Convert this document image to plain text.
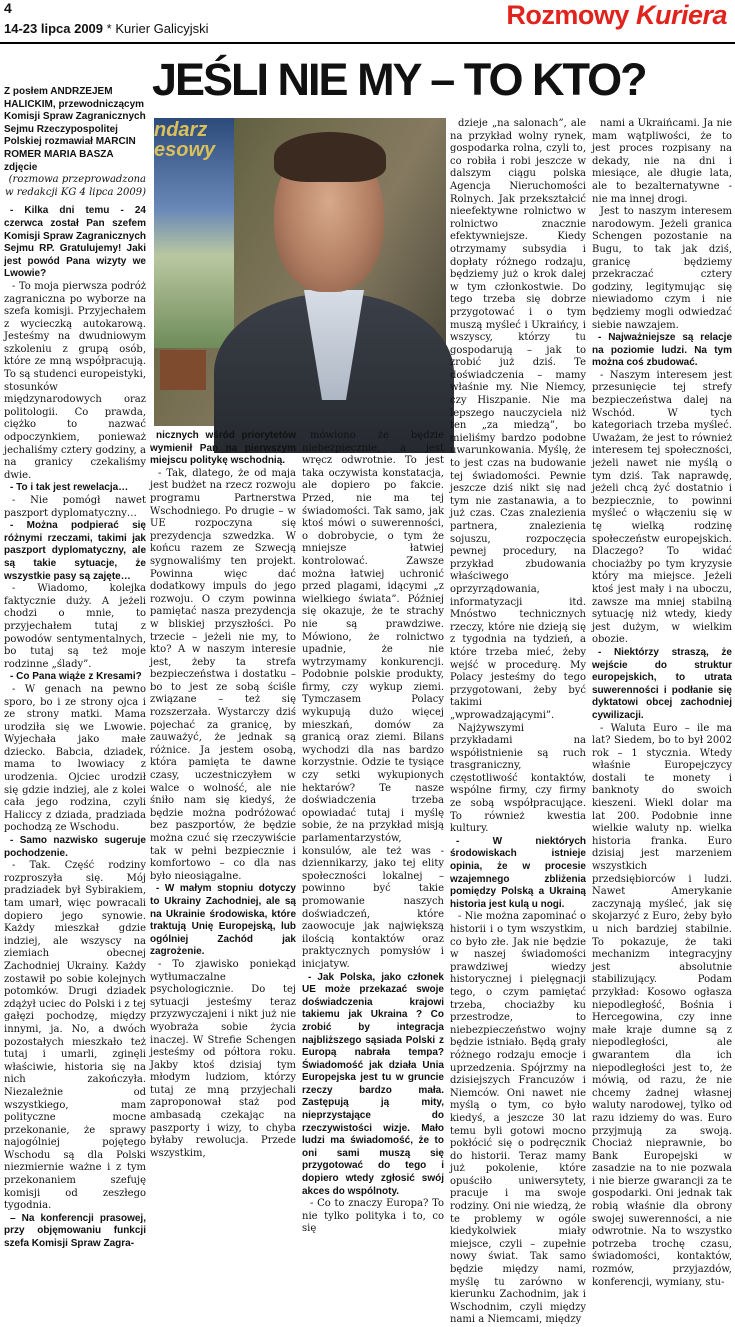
4
14-23 lipca 2009 * Kurier Galicyjski	Rozmowy Kuriera
JEŚLI NIE MY – TO KTO?
ndarz
esowy

Z posłem ANDRZEJEM HALICKIM, przewodniczącym Komisji Spraw Zagranicznych Sejmu Rzeczypospolitej Polskiej rozmawiał MARCIN ROMER MARIA BASZA zdjęcie

(rozmowa przeprowadzona w redakcji KG 4 lipca 2009)

- Kilka dni temu - 24 czerwca został Pan szefem Komisji Spraw Zagranicznych Sejmu RP. Gratulujemy! Jaki jest powód Pana wizyty we Lwowie?

- To moja pierwsza podróż zagraniczna po wyborze na szefa komisji. Przyjechałem z wycieczką autokarową. Jesteśmy na dwudniowym szkoleniu z grupą osób, które ze mną współpracują. To są studenci europeistyki, stosunków międzynarodowych oraz politologii. Co prawda, ciężko to nazwać odpoczynkiem, ponieważ jechaliśmy cztery godziny, a na granicy czekaliśmy dwie.

- To i tak jest rewelacja…

- Nie pomógł nawet paszport dyplomatyczny…

- Można podpierać się różnymi rzeczami, takimi jak paszport dyplomatyczny, ale są takie sytuacje, że wszystkie pasy są zajęte…

- Wiadomo, kolejka faktycznie duży. A jeżeli chodzi o mnie, to przyjechałem tutaj z powodów sentymentalnych, bo tutaj są też moje rodzinne „ślady”.

- Co Pana wiąże z Kresami?

- W genach na pewno sporo, bo i ze strony ojca i ze strony matki. Mama urodziła się we Lwowie. Wyjechała jako małe dziecko. Babcia, dziadek, mama to lwowiacy z urodzenia. Ojciec urodził się gdzie indziej, ale z kolei cała jego rodzina, czyli Haliccy z dziada, pradziada pochodzą ze Wschodu.

- Samo nazwisko sugeruje pochodzenie.

- Tak. Część rodziny rozproszyła się. Mój pradziadek był Sybirakiem, tam umarł, więc powracali dopiero jego synowie. Każdy mieszkał gdzie indziej, ale wszyscy na ziemiach obecnej Zachodniej Ukrainy. Każdy zostawił po sobie kolejnych potomków. Drugi dziadek zdążył uciec do Polski i z tej gałęzi pochodzę, między innymi, ja. No, a dwóch pozostałych mieszkało też tutaj i umarli, zginęli właściwie, historia się na nich zakończyła. Niezależnie od wszystkiego, mam polityczne mocne przekonanie, że sprawy najogólniej pojętego Wschodu są dla Polski niezmiernie ważne i z tym przekonaniem szefuję komisji od zeszłego tygodnia.

– Na konferencji prasowej, przy objęmowaniu funkcji szefa Komisji Spraw Zagra-

nicznych wśród priorytetów wymienił Pan na pierwszym miejscu politykę wschodnią.

- Tak, dlatego, że od maja jest budżet na rzecz rozwoju programu Partnerstwa Wschodniego. Po drugie – w UE rozpoczyna się prezydencja szwedzka. W końcu razem ze Szwecją sygnowaliśmy ten projekt. Powinna więc dać dodatkowy impuls do jego rozwoju. O czym powinna pamiętać nasza prezydencja w bliskiej przyszłości. Po trzecie – jeżeli nie my, to kto? A w naszym interesie jest, żeby ta strefa bezpieczeństwa i dostatku – bo to jest ze sobą ściśle związane – też się rozszerzała. Wystarczy dziś pojechać za granicę, by zauważyć, że jednak są różnice. Ja jestem osobą, która pamięta te dawne czasy, uczestniczyłem w walce o wolność, ale nie śniło nam się kiedyś, że będzie można podróżować bez paszportów, że będzie można czuć się rzeczywiście tak w pełni bezpiecznie i komfortowo – co dla nas było nieosiągalne.

- W małym stopniu dotyczy to Ukrainy Zachodniej, ale są na Ukrainie środowiska, które traktują Unię Europejską, lub ogólniej Zachód jak zagrożenie.

- To zjawisko poniekąd wytłumaczalne psychologicznie. Do tej sytuacji jesteśmy teraz przyzwyczajeni i nikt już nie wyobraża sobie życia inaczej. W Strefie Schengen jesteśmy od półtora roku. Jakby ktoś dzisiaj tym młodym ludziom, którzy tutaj ze mną przyjechali zaproponował staż pod ambasadą czekając na paszporty i wizy, to chyba byłaby rewolucja. Przede wszystkim,

mówiono że będzie niebezpiecznie, a jest wręcz odwrotnie. To jest taka oczywista konstatacja, ale dopiero po fakcie. Przed, nie ma tej świadomości. Tak samo, jak ktoś mówi o suwerenności, o dobrobycie, o tym że mniejsze łatwiej kontrolować. Zawsze można łatwiej uchronić przed plagami, idącymi „z wielkiego świata”. Później się okazuje, że te strachy nie są prawdziwe. Mówiono, że rolnictwo upadnie, że nie wytrzymamy konkurencji. Podobnie polskie produkty, firmy, czy wykup ziemi. Tymczasem Polacy wykupują dużo więcej mieszkań, domów za granicą oraz ziemi. Bilans wychodzi dla nas bardzo korzystnie. Odzie te tysiące czy setki wykupionych hektarów? Te nasze doświadczenia trzeba opowiadać tutaj i myślę sobie, że na przykład misją parlamentarzystów, konsulów, ale też was - dziennikarzy, jako tej elity społeczności lokalnej – powinno być takie promowanie naszych doświadczeń, które zaowocuje jak największą ilością kontaktów oraz praktycznych pomysłów i inicjatyw.

- Jak Polska, jako członek UE może przekazać swoje doświadczenia krajowi takiemu jak Ukraina ? Co zrobić by integracja najbliższego sąsiada Polski z Europą nabrała tempa? Świadomość jak działa Unia Europejska jest tu w gruncie rzeczy bardzo mała. Zastępują ją mity, nieprzystające do rzeczywistości wizje. Mało ludzi ma świadomość, że to oni sami muszą się przygotować do tego i dopiero wtedy zgłosić swój akces do wspólnoty.

- Co to znaczy Europa? To nie tylko polityka i to, co się

dzieje „na salonach”, ale na przykład wolny rynek, gospodarka rolna, czyli to, co robiła i robi jeszcze w dalszym ciągu polska Agencja Nieruchomości Rolnych. Jak przekształcić nieefektywne rolnictwo w rolnictwo znacznie efektywniejsze. Kiedy otrzymamy subsydia i dopłaty różnego rodzaju, będziemy już o krok dalej w tym członkostwie. Do tego trzeba się dobrze przygotować i o tym muszą myśleć i Ukraińcy, i wszyscy, którzy tu gospodarują – jak to zrobić już dziś. Te doświadczenia – mamy właśnie my. Nie Niemcy, czy Hiszpanie. Nie ma lepszego nauczyciela niż ten „za miedzą”, bo mieliśmy bardzo podobne uwarunkowania. Myślę, że to jest czas na budowanie tej świadomości. Pewnie jeszcze dziś nikt się nad tym nie zastanawia, a to już czas. Czas znalezienia partnera, znalezienia sojuszu, rozpoczęcia pewnej procedury, na przykład zbudowania właściwego oprzyrządowania, informatyzacji itd. Mnóstwo technicznych rzeczy, które nie dzieją się z tygodnia na tydzień, a które trzeba mieć, żeby wejść w procedurę. My Polacy jesteśmy do tego przygotowani, żeby być takimi „wprowadzającymi”.

Najżywszymi przykładami na współistnienie są ruch trasgraniczny, częstotliwość kontaktów, wspólne firmy, czy firmy ze sobą współpracujące. To również kwestia kultury.

- W niektórych środowiskach istnieje opinia, że w procesie wzajemnego zbliżenia pomiędzy Polską a Ukrainą historia jest kulą u nogi.

- Nie można zapominać o historii i o tym wszystkim, co było złe. Jak nie będzie w naszej świadomości prawdziwej wiedzy historycznej i pielęgnacji tego, o czym pamiętać trzeba, chociażby ku przestrodze, to niebezpieczeństwo wojny będzie istniało. Będą grały różnego rodzaju emocje i uprzedzenia. Spójrzmy na dzisiejszych Francuzów i Niemców. Oni nawet nie myślą o tym, co było kiedyś, a jeszcze 30 lat temu byli gotowi mocno pokłócić się o podręcznik do historii. Teraz mamy już pokolenie, które opuściło uniwersytety, pracuje i ma swoje rodziny. Oni nie wiedzą, że te problemy w ogóle kiedykolwiek miały miejsce, czyli – zupełnie nowy świat. Tak samo będzie między nami, myślę tu zarówno w kierunku Zachodnim, jak i Wschodnim, czyli między nami a Niemcami, między

nami a Ukraińcami. Ja nie mam wątpliwości, że to jest proces rozpisany na dekady, nie na dni i miesiące, ale długie lata, ale to bezalternatywne - nie ma innej drogi.

Jest to naszym interesem narodowym. Jeżeli granica Schengen pozostanie na Bugu, to tak jak dziś, granicę będziemy przekraczać cztery godziny, legitymując się niewiadomo czym i nie będziemy mogli odwiedzać siebie nawzajem.

- Najważniejsze są relacje na poziomie ludzi. Na tym można coś zbudować.

- Naszym interesem jest przesunięcie tej strefy bezpieczeństwa dalej na Wschód. W tych kategoriach trzeba myśleć. Uważam, że jest to również interesem tej społeczności, jeżeli nawet nie myślą o tym dziś. Tak naprawdę, jeżeli chcą żyć dostatnio i bezpiecznie, to powinni myśleć o włączeniu się w tę wielką rodzinę społeczeństw europejskich. Dlaczego? To widać chociażby po tym kryzysie który ma miejsce. Jeżeli ktoś jest mały i na uboczu, zawsze ma mniej stabilną sytuację niż wtedy, kiedy jest dużym, w wielkim obozie.

- Niektórzy straszą, że wejście do struktur europejskich, to utrata suwerenności i podłanie się dyktatowi obcej zachodniej cywilizacji.

- Waluta Euro – ile ma lat? Siedem, bo to był 2002 rok – 1 stycznia. Wtedy właśnie Europejczycy dostali te monety i banknoty do swoich kieszeni. Wiekl dolar ma lat 200. Podobnie inne wielkie waluty np. wielka historia franka. Euro dzisiaj jest marzeniem wszystkich przedsiębiorców i ludzi. Nawet Amerykanie zaczynają myśleć, jak się skojarzyć z Euro, żeby było u nich bardziej stabilnie. To pokazuje, że taki mechanizm integracyjny jest absolutnie stabilizujący. Podam przykład: Kosowo ogłasza niepodległość, Bośnia i Hercegowina, czy inne małe kraje dumne są z niepodległości, ale gwarantem dla ich niepodległości jest to, że mówią, od razu, że nie chcemy żadnej własnej waluty narodowej, tylko od razu idziemy do was. Euro przyjmują za swoją. Chociaż nieprawnie, bo Bank Europejski w zasadzie na to nie pozwala i nie bierze gwarancji za te gospodarki. Oni jednak tak robią właśnie dla obrony swojej suwerenności, a nie odwrotnie. Na to wszystko potrzeba trochę czasu, świadomości, kontaktów, rozmów, przyjazdów, konferencji, wymiany, stu-
